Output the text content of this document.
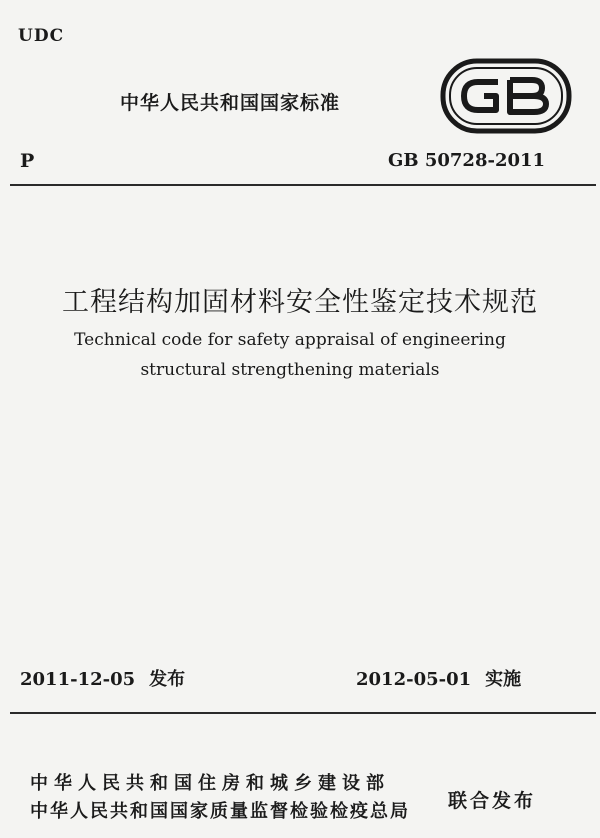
UDC
中华人民共和国国家标准
P	GB 50728-2011
工程结构加固材料安全性鉴定技术规范
Technical code for safety appraisal of engineering
structural strengthening materials
2011-12-05 发布	2012-05-01 实施
中华人民共和国住房和城乡建设部
中华人民共和国国家质量监督检验检疫总局 联合发布
